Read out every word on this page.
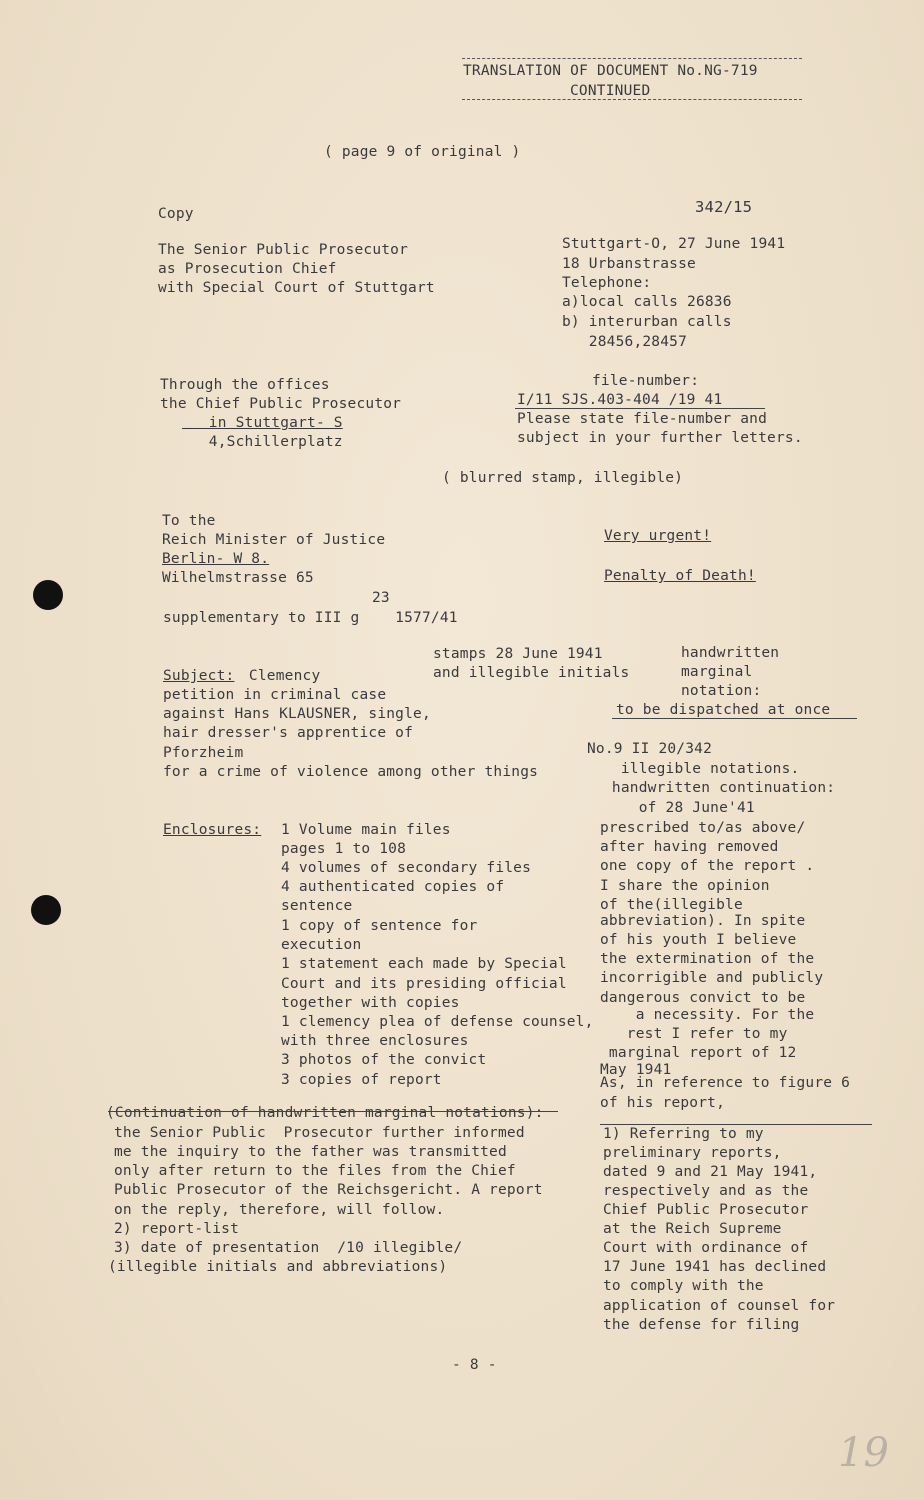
TRANSLATION OF DOCUMENT No.NG-719
CONTINUED
( page 9 of original )
Copy	342/15
The Senior Public Prosecutor
as Prosecution Chief
with Special Court of Stuttgart
Stuttgart-O, 27 June 1941
18 Urbanstrasse
Telephone:
a)local calls 26836
b) interurban calls
28456,28457
Through the offices
the Chief Public Prosecutor
in Stuttgart- S
4,Schillerplatz
file-number:
I/11 SJS.403-404 /19 41
Please state file-number and
subject in your further letters.
( blurred stamp, illegible)
To the
Reich Minister of Justice
Berlin- W 8.
Wilhelmstrasse 65
Very urgent!
Penalty of Death!
23
supplementary to III g    1577/41
stamps 28 June 1941
and illegible initials
handwritten
marginal
notation:
to be dispatched at once
Subject: Clemency
petition in criminal case
against Hans KLAUSNER, single,
hair dresser's apprentice of
Pforzheim
for a crime of violence among other things
Enclosures: 1 Volume main files
pages 1 to 108
4 volumes of secondary files
4 authenticated copies of
sentence
1 copy of sentence for
execution
1 statement each made by Special
Court and its presiding official
together with copies
1 clemency plea of defense counsel,
with three enclosures
3 photos of the convict
3 copies of report
No.9 II 20/342
illegible notations.
handwritten continuation:
of 28 June'41
prescribed to/as above/
after having removed
one copy of the report .
I share the opinion
of the(illegible
abbreviation). In spite
of his youth I believe
the extermination of the
incorrigible and publicly
dangerous convict to be
a necessity. For the
rest I refer to my
marginal report of 12
May 1941
As, in reference to figure 6
of his report,
(Continuation of handwritten marginal notations):
the Senior Public  Prosecutor further informed
me the inquiry to the father was transmitted
only after return to the files from the Chief
Public Prosecutor of the Reichsgericht. A report
on the reply, therefore, will follow.
2) report-list
3) date of presentation  /10 illegible/
(illegible initials and abbreviations)
1) Referring to my
preliminary reports,
dated 9 and 21 May 1941,
respectively and as the
Chief Public Prosecutor
at the Reich Supreme
Court with ordinance of
17 June 1941 has declined
to comply with the
application of counsel for
the defense for filing
- 8 -
19
